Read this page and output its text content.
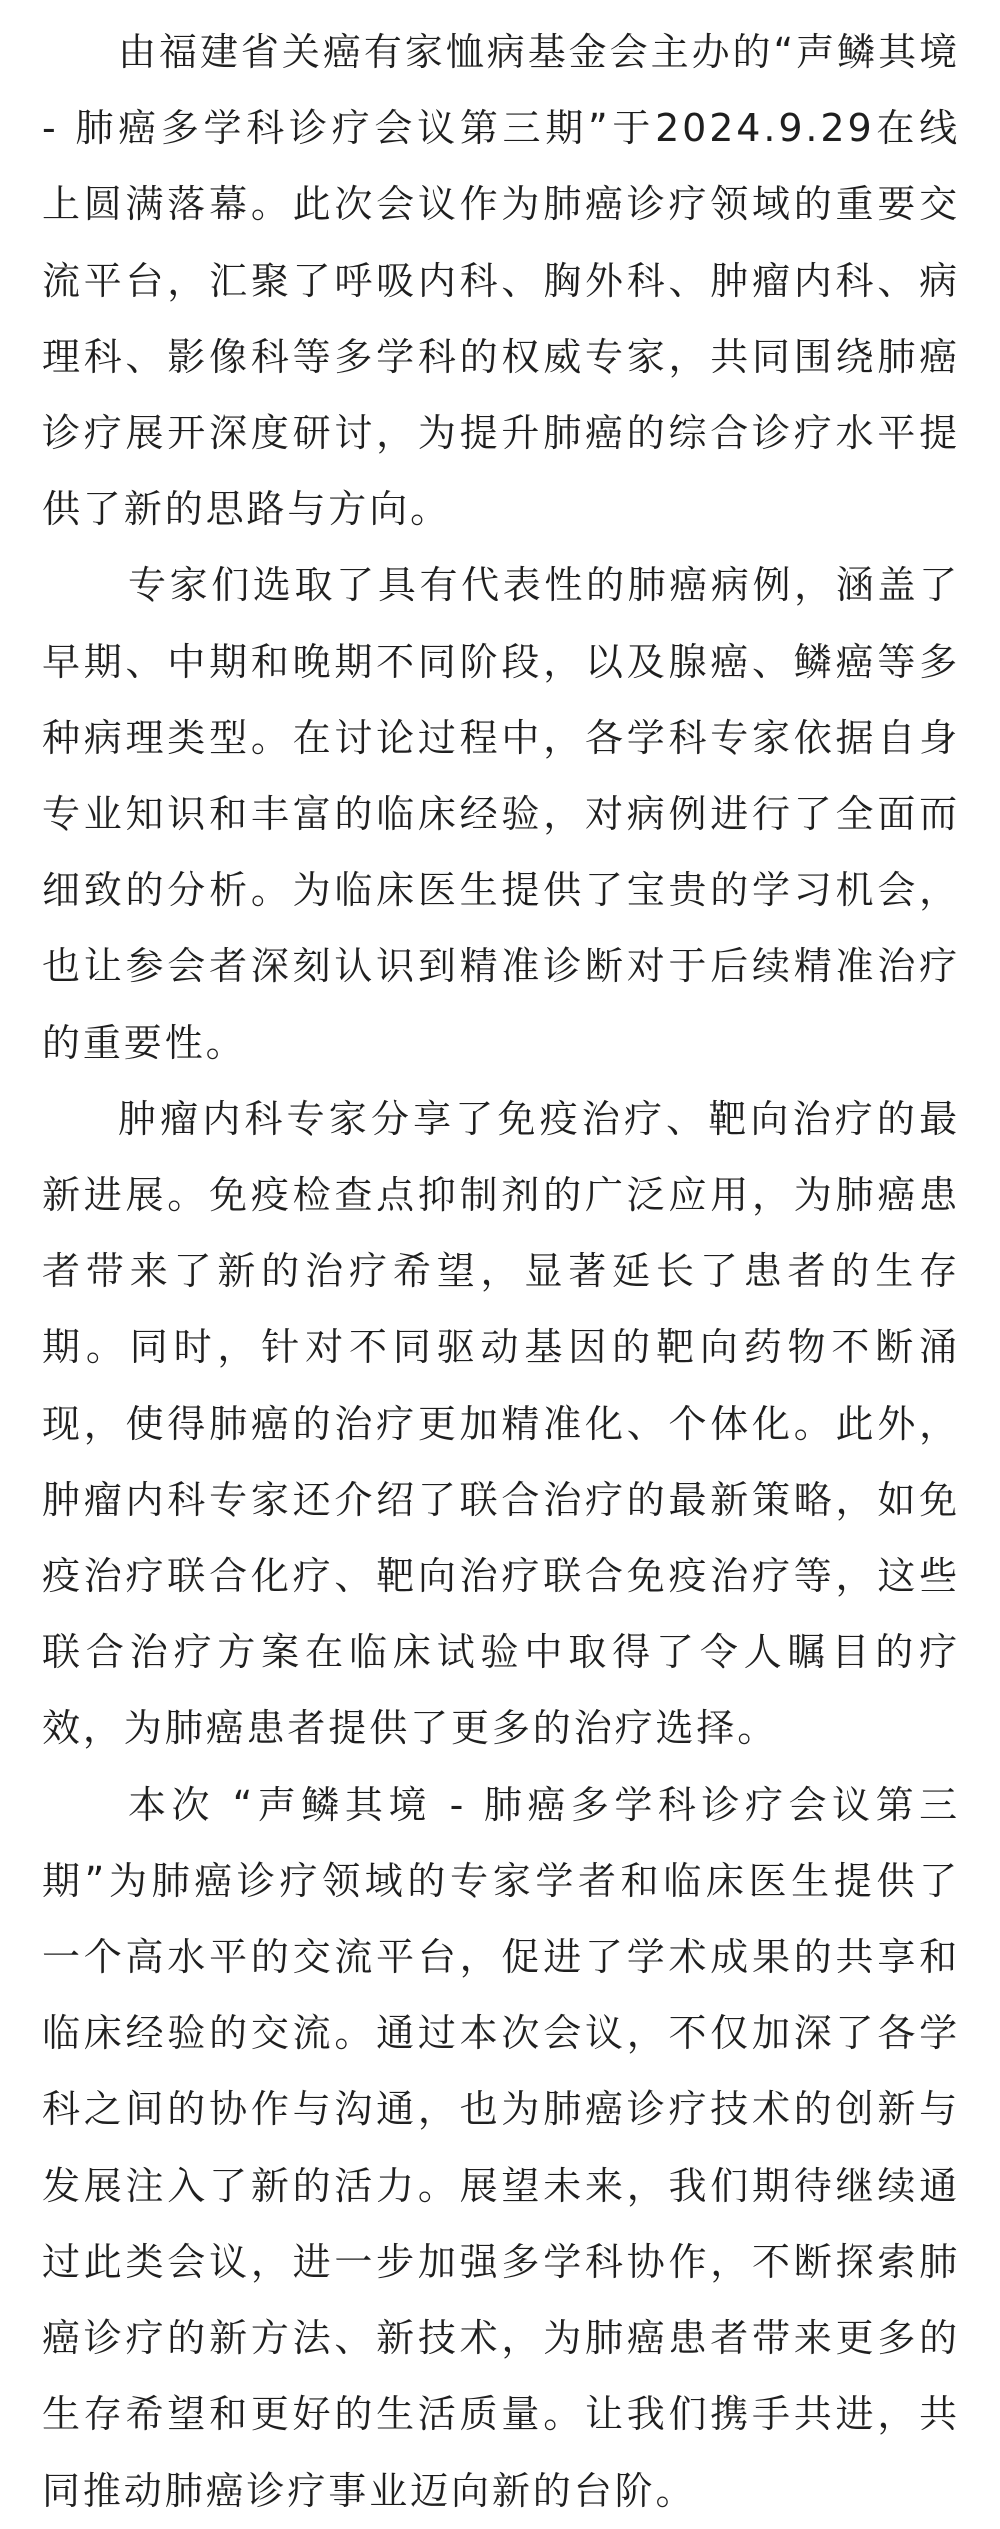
由福建省关癌有家恤病基金会主办的“声鳞其境 - 肺癌多学科诊疗会议第三期”于2024.9.29在线上圆满落幕。此次会议作为肺癌诊疗领域的重要交流平台，汇聚了呼吸内科、胸外科、肿瘤内科、病理科、影像科等多学科的权威专家，共同围绕肺癌诊疗展开深度研讨，为提升肺癌的综合诊疗水平提供了新的思路与方向。

专家们选取了具有代表性的肺癌病例，涵盖了早期、中期和晚期不同阶段，以及腺癌、鳞癌等多种病理类型。在讨论过程中，各学科专家依据自身专业知识和丰富的临床经验，对病例进行了全面而细致的分析。为临床医生提供了宝贵的学习机会，也让参会者深刻认识到精准诊断对于后续精准治疗的重要性。

肿瘤内科专家分享了免疫治疗、靶向治疗的最新进展。免疫检查点抑制剂的广泛应用，为肺癌患者带来了新的治疗希望，显著延长了患者的生存期。同时，针对不同驱动基因的靶向药物不断涌现，使得肺癌的治疗更加精准化、个体化。此外，肿瘤内科专家还介绍了联合治疗的最新策略，如免疫治疗联合化疗、靶向治疗联合免疫治疗等，这些联合治疗方案在临床试验中取得了令人瞩目的疗效，为肺癌患者提供了更多的治疗选择。

本次 “声鳞其境 - 肺癌多学科诊疗会议第三期”为肺癌诊疗领域的专家学者和临床医生提供了一个高水平的交流平台，促进了学术成果的共享和临床经验的交流。通过本次会议，不仅加深了各学科之间的协作与沟通，也为肺癌诊疗技术的创新与发展注入了新的活力。展望未来，我们期待继续通过此类会议，进一步加强多学科协作，不断探索肺癌诊疗的新方法、新技术，为肺癌患者带来更多的生存希望和更好的生活质量。让我们携手共进，共同推动肺癌诊疗事业迈向新的台阶。
